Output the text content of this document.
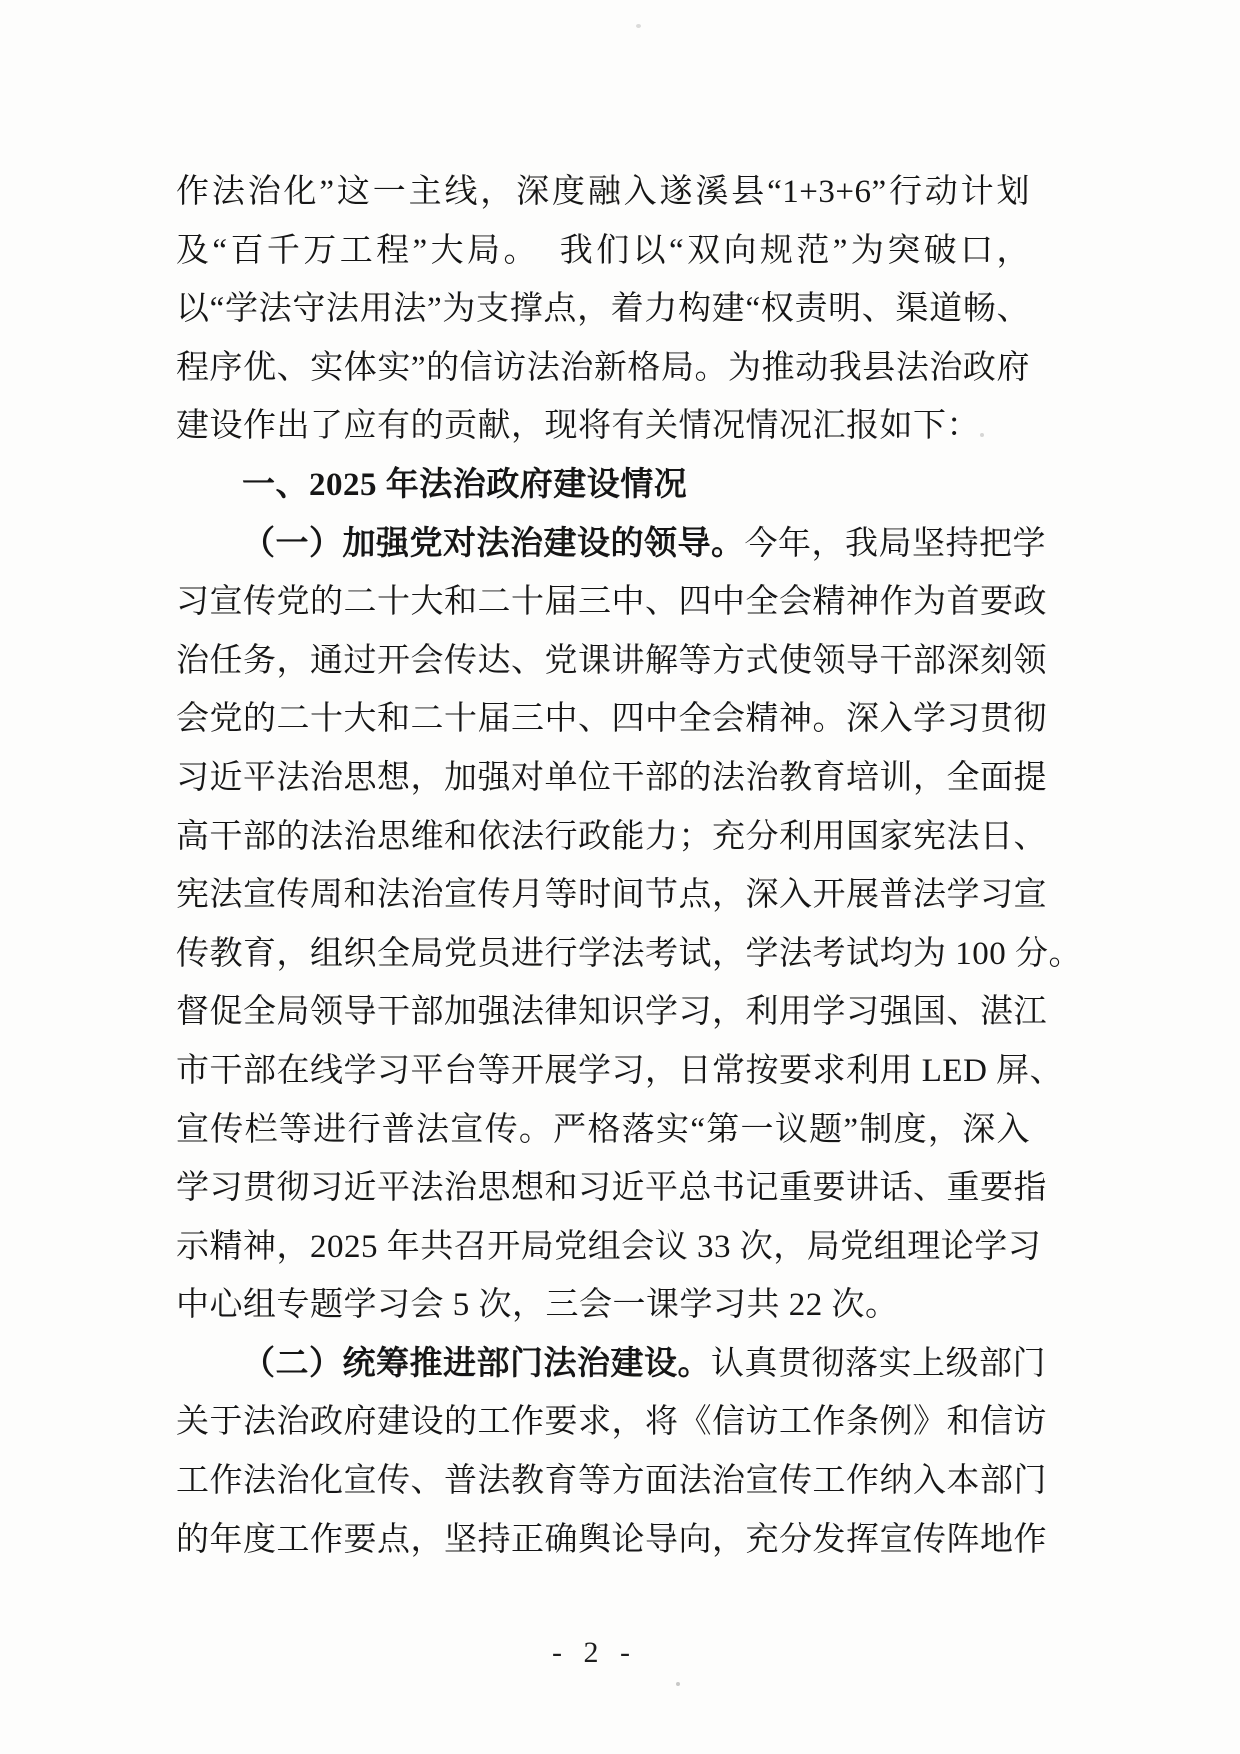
作法治化”这一主线，深度融入遂溪县“1+3+6”行动计划
及“百千万工程”大局。　我们以“双向规范”为突破口，
以“学法守法用法”为支撑点，着力构建“权责明、渠道畅、
程序优、实体实”的信访法治新格局。为推动我县法治政府
建设作出了应有的贡献，现将有关情况情况汇报如下：
一、2025 年法治政府建设情况
（一）加强党对法治建设的领导。今年，我局坚持把学
习宣传党的二十大和二十届三中、四中全会精神作为首要政
治任务，通过开会传达、党课讲解等方式使领导干部深刻领
会党的二十大和二十届三中、四中全会精神。深入学习贯彻
习近平法治思想，加强对单位干部的法治教育培训，全面提
高干部的法治思维和依法行政能力；充分利用国家宪法日、
宪法宣传周和法治宣传月等时间节点，深入开展普法学习宣
传教育，组织全局党员进行学法考试，学法考试均为 100 分。
督促全局领导干部加强法律知识学习，利用学习强国、湛江
市干部在线学习平台等开展学习，日常按要求利用 LED 屏、
宣传栏等进行普法宣传。严格落实“第一议题”制度，深入
学习贯彻习近平法治思想和习近平总书记重要讲话、重要指
示精神，2025 年共召开局党组会议 33 次，局党组理论学习
中心组专题学习会 5 次，三会一课学习共 22 次。
（二）统筹推进部门法治建设。认真贯彻落实上级部门
关于法治政府建设的工作要求，将《信访工作条例》和信访
工作法治化宣传、普法教育等方面法治宣传工作纳入本部门
的年度工作要点，坚持正确舆论导向，充分发挥宣传阵地作
- 2 -
